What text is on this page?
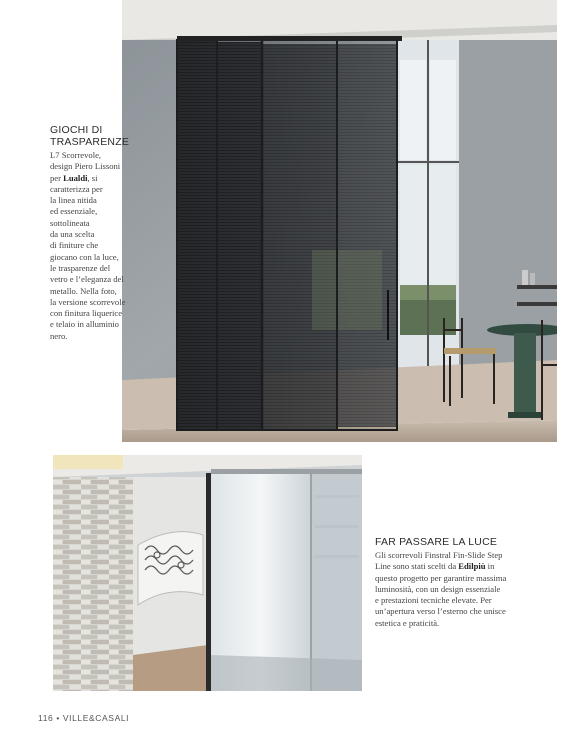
GIOCHI DI
TRASPARENZE
L7 Scorrevole,
design Piero Lissoni
per Lualdi, si
caratterizza per
la linea nitida
ed essenziale,
sottolineata
da una scelta
di finiture che
giocano con la luce,
le trasparenze del
vetro e l’eleganza del
metallo. Nella foto,
la versione scorrevole
con finitura liquerice
e telaio in alluminio
nero.
FAR PASSARE LA LUCE
Gli scorrevoli Finstral Fin-Slide Step
Line sono stati scelti da Edilpiù in
questo progetto per garantire massima
luminosità, con un design essenziale
e prestazioni tecniche elevate. Per
un’apertura verso l’esterno che unisce
estetica e praticità.
116 • VILLE&CASALI
